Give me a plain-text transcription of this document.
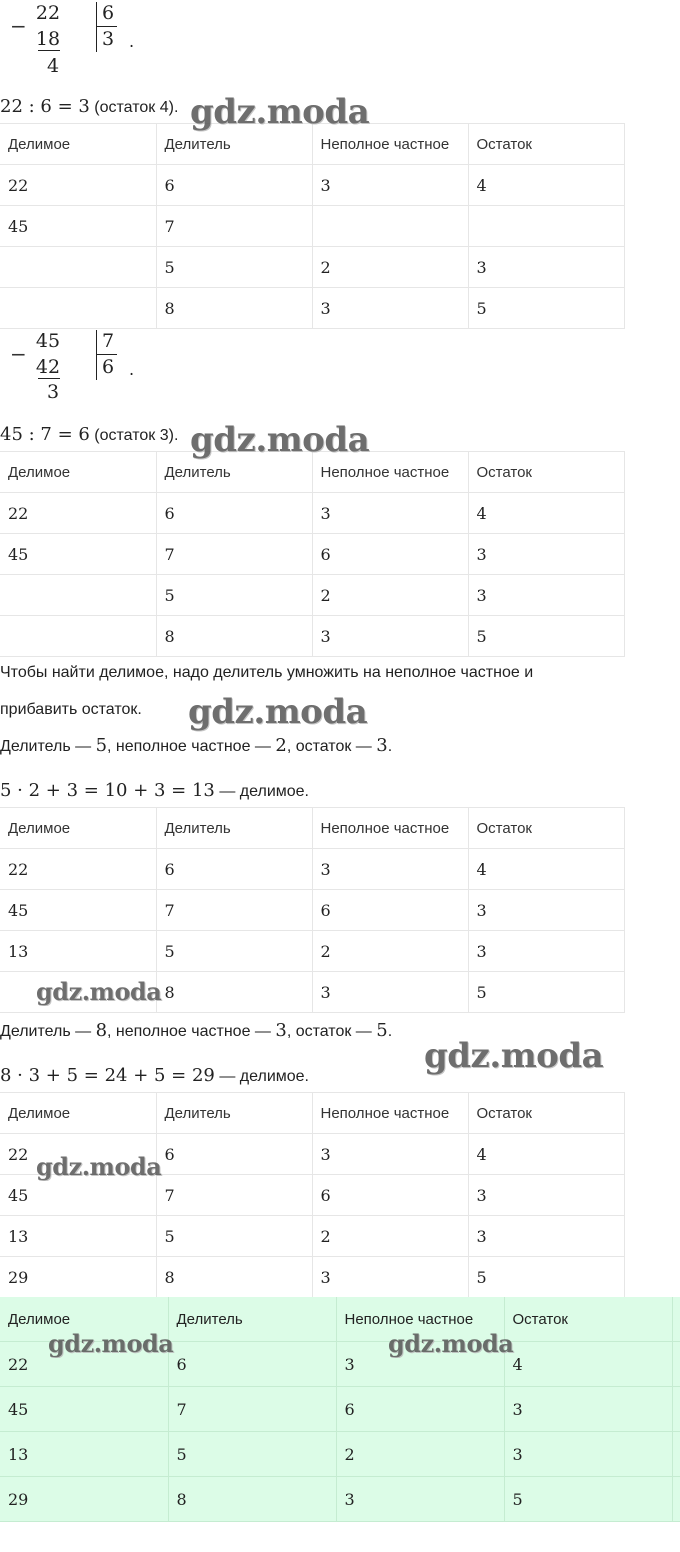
−
22
18
4
6
3 .
22 : 6 = 3 (остаток 4).
Делимое	Делитель	Неполное частное	Остаток
22	6	3	4
45	7		
	5	2	3
	8	3	5
−
45
42
3
7
6 .
45 : 7 = 6 (остаток 3).
Делимое	Делитель	Неполное частное	Остаток
22	6	3	4
45	7	6	3
	5	2	3
	8	3	5
Чтобы найти делимое, надо делитель умножить на неполное частное и
прибавить остаток.
Делитель — 5, неполное частное — 2, остаток — 3.
5 · 2 + 3 = 10 + 3 = 13 — делимое.
Делимое	Делитель	Неполное частное	Остаток
22	6	3	4
45	7	6	3
13	5	2	3
	8	3	5
Делитель — 8, неполное частное — 3, остаток — 5.
8 · 3 + 5 = 24 + 5 = 29 — делимое.
Делимое	Делитель	Неполное частное	Остаток
22	6	3	4
45	7	6	3
13	5	2	3
29	8	3	5
Делимое	Делитель	Неполное частное	Остаток	
22	6	3	4	
45	7	6	3	
13	5	2	3	
29	8	3	5	
gdz.moda
gdz.moda
gdz.moda
gdz.moda
gdz.moda
gdz.moda
gdz.moda	gdz.moda
